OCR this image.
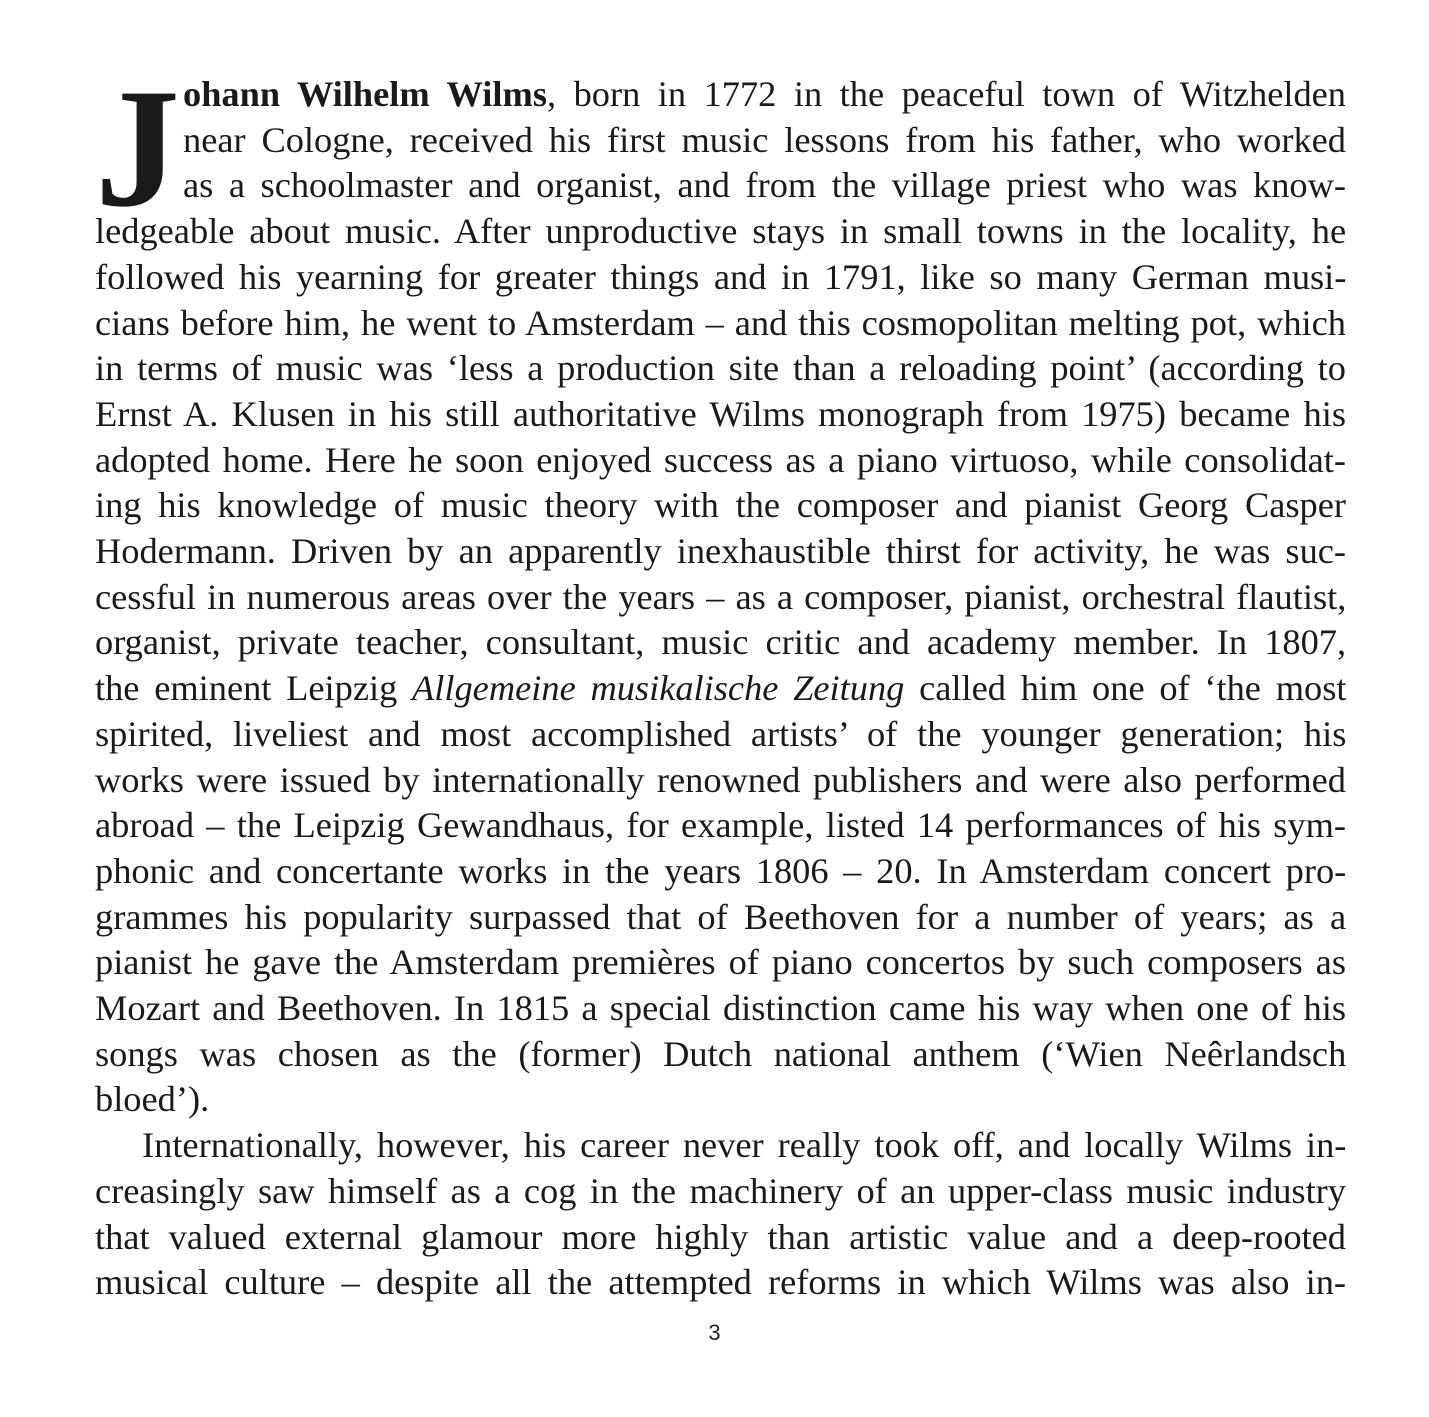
J ohann Wilhelm Wilms, born in 1772 in the peaceful town of Witzhelden
near Cologne, received his first music lessons from his father, who worked
as a schoolmaster and organist, and from the village priest who was know-
ledgeable about music. After unproductive stays in small towns in the locality, he
followed his yearning for greater things and in 1791, like so many German musi-
cians before him, he went to Amsterdam – and this cosmopolitan melting pot, which
in terms of music was ‘less a production site than a reloading point’ (according to
Ernst A. Klusen in his still authoritative Wilms monograph from 1975) became his
adopted home. Here he soon enjoyed success as a piano virtuoso, while consolidat-
ing his knowledge of music theory with the composer and pianist Georg Casper
Hodermann. Driven by an apparently inexhaustible thirst for activity, he was suc-
cessful in numerous areas over the years – as a composer, pianist, orchestral flautist,
organist, private teacher, consultant, music critic and academy member. In 1807,
the eminent Leipzig Allgemeine musikalische Zeitung called him one of ‘the most
spirited, liveliest and most accomplished artists’ of the younger generation; his
works were issued by internationally renowned publishers and were also performed
abroad – the Leipzig Gewandhaus, for example, listed 14 performances of his sym-
phonic and concertante works in the years 1806 – 20. In Amsterdam concert pro-
grammes his popularity surpassed that of Beethoven for a number of years; as a
pianist he gave the Amsterdam premières of piano concertos by such composers as
Mozart and Beethoven. In 1815 a special distinction came his way when one of his
songs was chosen as the (former) Dutch national anthem (‘Wien Neêrlandsch
bloed’).
Internationally, however, his career never really took off, and locally Wilms in-
creasingly saw himself as a cog in the machinery of an upper-class music industry
that valued external glamour more highly than artistic value and a deep-rooted
musical culture – despite all the attempted reforms in which Wilms was also in-
3
